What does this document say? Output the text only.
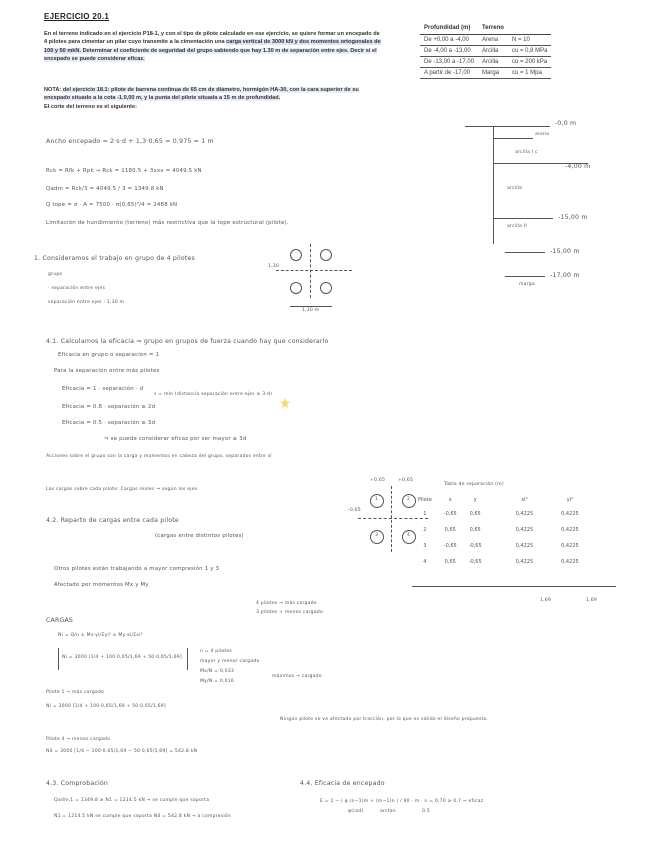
EJERCICIO 20.1
En el terreno indicado en el ejercicio P18-1, y con el tipo de pilote calculado en ese ejercicio, se quiere formar un encepado de 4 pilotes para cimentar un pilar cuyo transmite a la cimentación una carga vertical de 3000 kN y dos momentos ortogonales de 100 y 50 mkN. Determinar el coeficiente de seguridad del grupo sabiendo que hay 1.30 m de separación entre ejes. Decir si el encepado se puede considerar eficaz.
NOTA: del ejercicio 18.1: pilote de barrena continua de 65 cm de diámetro, hormigón HA-30, con la cara superior de su encepado situado a la cota -1.0,00 m, y la punta del pilote situada a 15 m de profundidad.
El corte del terreno es el siguiente:
Profundidad (m)	Terreno	
De +0,00 a -4,00	Arena	N = 10
De -4,00 a -13,00	Arcilla	cu = 0,8 MPa
De -13,00 a -17,00	Arcilla	cu = 200 kPa
A partir de -17,00	Marga	cu = 1 Mpa
-0,0 m
-4,00 m
-15,00 m
-15,00 m
-17,00 m
arena
arcilla I c
arcilla
arcilla II
marga
Ancho encepado = 2·s·d + 1,3·0,65 = 0,975 ≈ 1 m
Rck = Rfk + Rpk → Rck = 1180.5 + 3xxx = 4049.5 kN
Qadm = Rck/3 = 4049.5 / 3 = 1349.8 kN
Q tope = σ · A = 7500 · π(0,65)²/4 = 2488 kN
Limitación de hundimiento (terreno) más restrictiva que la tope estructural (pilote).
1. Consideramos el trabajo en grupo de 4 pilotes
grupo
· separación entre ejes
separación entre ejes : 1,30 m
1,30
1,30 m
4.1. Calculamos la eficacia ⇒ grupo en grupos de fuerza cuando hay que considerarlo
Eficacia en grupo o separación = 1
Para la separación entre más pilotes
Eficacia = 1 · separación · d
s = mín (distancia separación entre ejes ≥ 3·d)
Eficacia = 0.8 · separación ≥ 2d
Eficacia = 0.5 · separación ≥ 3d
⇒ se puede considerar eficaz por ser mayor ≥ 3d
Acciones sobre el grupo son la carga y momentos en cabeza del grupo, separados entre sí
Las cargas sobre cada pilote: Cargas reales ⇒ según los ejes
4.2. Reparto de cargas entre cada pilote
(cargas entre distintos pilotes)
Otros pilotes están trabajando a mayor compresión 1 y 3
Afectado por momentos Mx y My
+0,65	+0,65
-0,65
1	2
3	4
Tabla de separación (m)
Pilote	x	y	xi²	yi²
1	-0,65	0,65	0,4225	0,4225
2	0,65	0,65	0,4225	0,4225
3	-0,65	-0,65	0,4225	0,4225
4	0,65	-0,65	0,4225	0,4225
1,69	1,69
4 pilotes → más cargado
3 pilotes + menos cargado
CARGAS
Ni = Q/n ± Mx·yi/Σyi² ± My·xi/Σxi²
Ni = 3000 [1/4 + 100·0,65/1,69 + 50·0,65/1,69]
n = 4 pilotes
mayor y menor cargado
Mx/N = 0,033
My/N = 0,016
máximos → cargado
Pilote 1 → más cargado
Ni = 3000 [1/4 + 100·0,65/1,69 + 50·0,65/1,69]
Ningún pilote se ve afectado por tracción, por lo que es válido el diseño propuesto.
Pilote 4 → menos cargado
N4 = 3000 [1/4 − 100·0,65/1,69 − 50·0,65/1,69] = 542.8 kN
4.3. Comprobación
Qadm,1 = 1349.8 ≥ N1 = 1214.5 kN → se cumple que soporta
N1 = 1214.5 kN se cumple que soporta N4 = 542.8 kN → a compresión
4.4. Eficacia de encepado
E = 1 − ( φ (n−1)m + (m−1)n ) / 90 · m · n = 0,70 ≥ 0,7 → eficaz
φ(rad)	arctan	0,5
